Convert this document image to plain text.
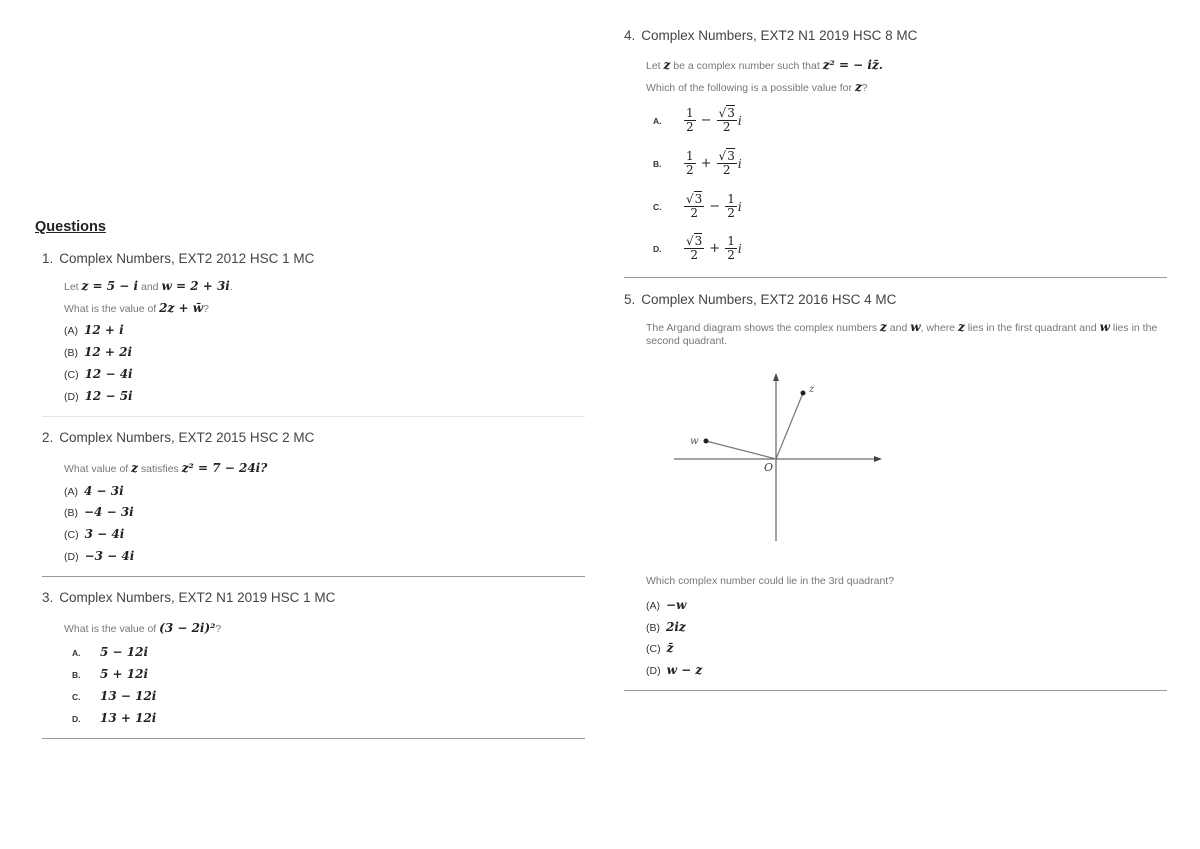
Questions
1. Complex Numbers, EXT2 2012 HSC 1 MC
Let z = 5 − i and w = 2 + 3i.
What is the value of 2z + w̄?
(A) 12 + i
(B) 12 + 2i
(C) 12 − 4i
(D) 12 − 5i
2. Complex Numbers, EXT2 2015 HSC 2 MC
What value of z satisfies z² = 7 − 24i?
(A) 4 − 3i
(B) −4 − 3i
(C) 3 − 4i
(D) −3 − 4i
3. Complex Numbers, EXT2 N1 2019 HSC 1 MC
What is the value of (3 − 2i)²?
A.	5 − 12i
B.	5 + 12i
C.	13 − 12i
D.	13 + 12i
4. Complex Numbers, EXT2 N1 2019 HSC 8 MC
Let z be a complex number such that z² = − iz̄.
Which of the following is a possible value for z?
A.	$\frac{1}{2} - \frac{√3}{2}$ i
B.	$\frac{1}{2} + \frac{√3}{2}$ i
C.	$\frac{√3}{2} - \frac{1}{2}$ i
D.	$\frac{√3}{2} + \frac{1}{2}$ i
5. Complex Numbers, EXT2 2016 HSC 4 MC
The Argand diagram shows the complex numbers z and w, where z lies in the first quadrant and w lies in the second quadrant.
z
w
O
Which complex number could lie in the 3rd quadrant?
(A) −w
(B) 2iz
(C) z̄
(D) w − z
